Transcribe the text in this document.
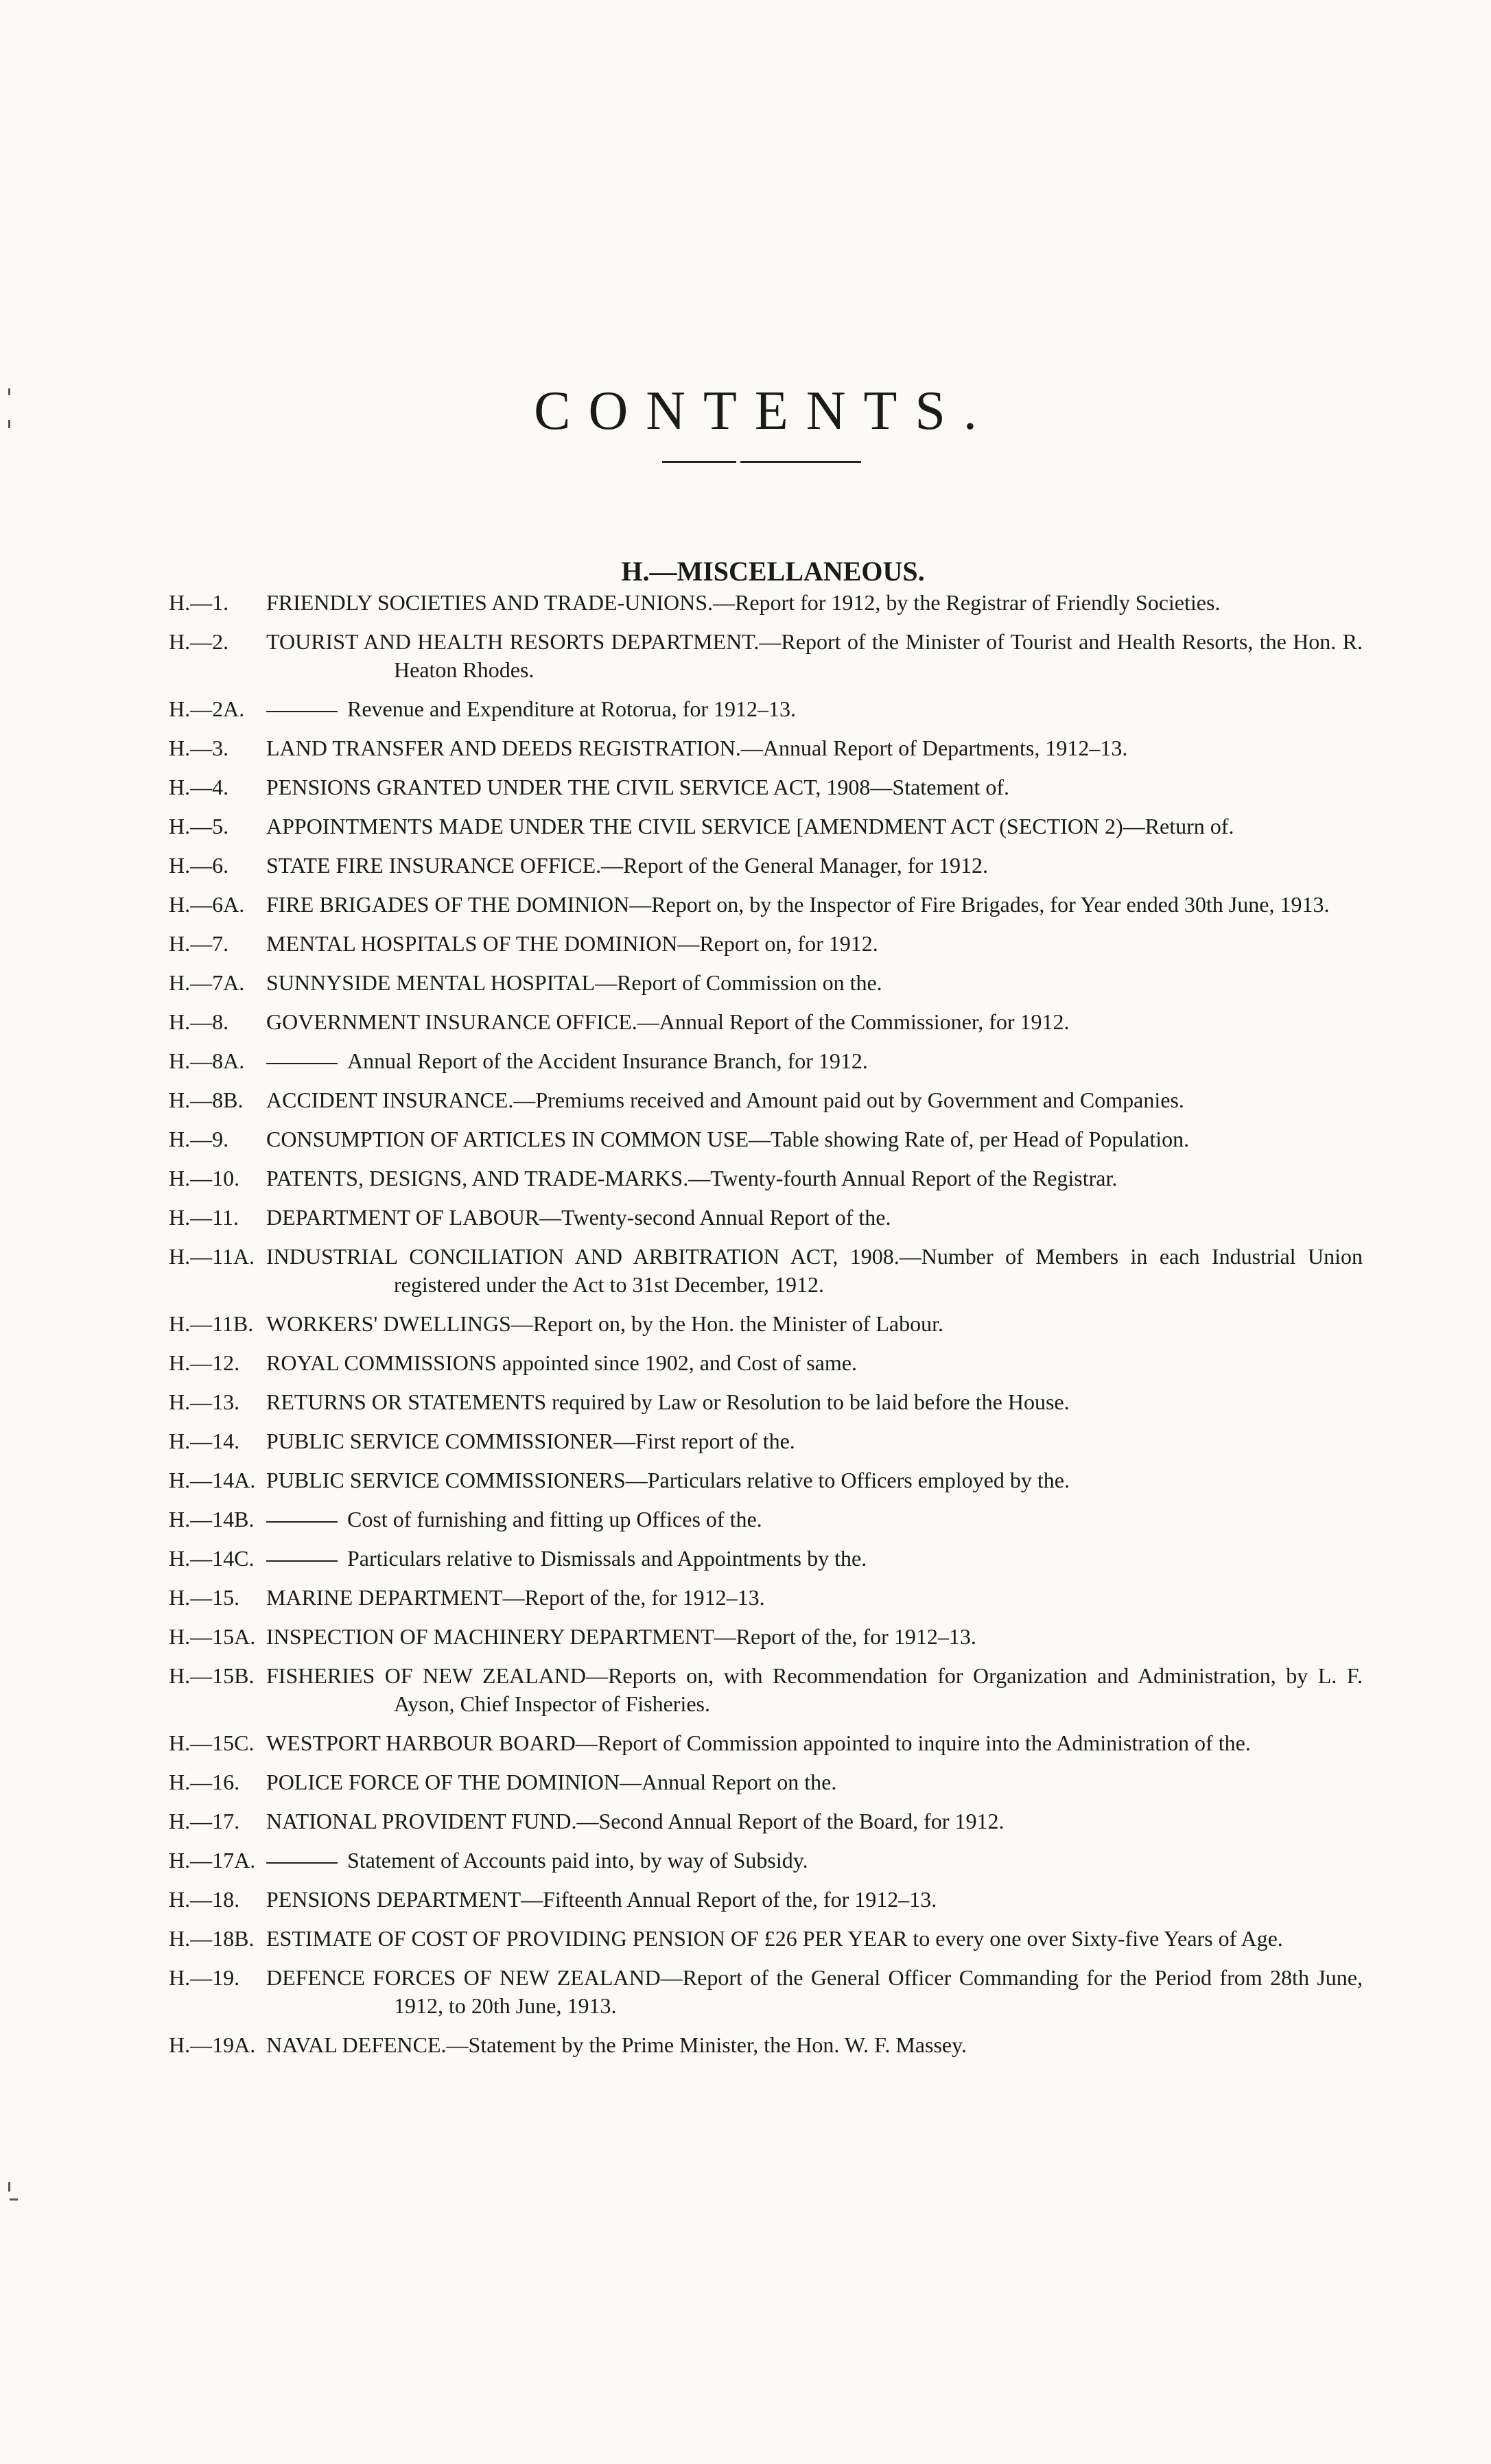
CONTENTS.
H.—MISCELLANEOUS.
H.—1.	FRIENDLY SOCIETIES AND TRADE-UNIONS.—Report for 1912, by the Registrar of Friendly Societies.
H.—2.	TOURIST AND HEALTH RESORTS DEPARTMENT.—Report of the Minister of Tourist and Health Resorts, the Hon. R. Heaton Rhodes.
H.—2A.	Revenue and Expenditure at Rotorua, for 1912–13.
H.—3.	LAND TRANSFER AND DEEDS REGISTRATION.—Annual Report of Departments, 1912–13.
H.—4.	PENSIONS GRANTED UNDER THE CIVIL SERVICE ACT, 1908—Statement of.
H.—5.	APPOINTMENTS MADE UNDER THE CIVIL SERVICE [AMENDMENT ACT (SECTION 2)—Return of.
H.—6.	STATE FIRE INSURANCE OFFICE.—Report of the General Manager, for 1912.
H.—6A. FIRE BRIGADES OF THE DOMINION—Report on, by the Inspector of Fire Brigades, for Year ended 30th June, 1913.
H.—7.	MENTAL HOSPITALS OF THE DOMINION—Report on, for 1912.
H.—7A. SUNNYSIDE MENTAL HOSPITAL—Report of Commission on the.
H.—8.	GOVERNMENT INSURANCE OFFICE.—Annual Report of the Commissioner, for 1912.
H.—8A.	Annual Report of the Accident Insurance Branch, for 1912.
H.—8B.	ACCIDENT INSURANCE.—Premiums received and Amount paid out by Government and Companies.
H.—9.	CONSUMPTION OF ARTICLES IN COMMON USE—Table showing Rate of, per Head of Population.
H.—10.	PATENTS, DESIGNS, AND TRADE-MARKS.—Twenty-fourth Annual Report of the Registrar.
H.—11.	DEPARTMENT OF LABOUR—Twenty-second Annual Report of the.
H.—11A. INDUSTRIAL CONCILIATION AND ARBITRATION ACT, 1908.—Number of Members in each Industrial Union registered under the Act to 31st December, 1912.
H.—11B. WORKERS' DWELLINGS—Report on, by the Hon. the Minister of Labour.
H.—12.	ROYAL COMMISSIONS appointed since 1902, and Cost of same.
H.—13.	RETURNS OR STATEMENTS required by Law or Resolution to be laid before the House.
H.—14.	PUBLIC SERVICE COMMISSIONER—First report of the.
H.—14A. PUBLIC SERVICE COMMISSIONERS—Particulars relative to Officers employed by the.
H.—14B.	Cost of furnishing and fitting up Offices of the.
H.—14C.	Particulars relative to Dismissals and Appointments by the.
H.—15.	MARINE DEPARTMENT—Report of the, for 1912–13.
H.—15A. INSPECTION OF MACHINERY DEPARTMENT—Report of the, for 1912–13.
H.—15B. FISHERIES OF NEW ZEALAND—Reports on, with Recommendation for Organization and Administration, by L. F. Ayson, Chief Inspector of Fisheries.
H.—15C. WESTPORT HARBOUR BOARD—Report of Commission appointed to inquire into the Administration of the.
H.—16.	POLICE FORCE OF THE DOMINION—Annual Report on the.
H.—17.	NATIONAL PROVIDENT FUND.—Second Annual Report of the Board, for 1912.
H.—17A.	Statement of Accounts paid into, by way of Subsidy.
H.—18.	PENSIONS DEPARTMENT—Fifteenth Annual Report of the, for 1912–13.
H.—18B. ESTIMATE OF COST OF PROVIDING PENSION OF £26 PER YEAR to every one over Sixty-five Years of Age.
H.—19.	DEFENCE FORCES OF NEW ZEALAND—Report of the General Officer Commanding for the Period from 28th June, 1912, to 20th June, 1913.
H.—19A. NAVAL DEFENCE.—Statement by the Prime Minister, the Hon. W. F. Massey.
